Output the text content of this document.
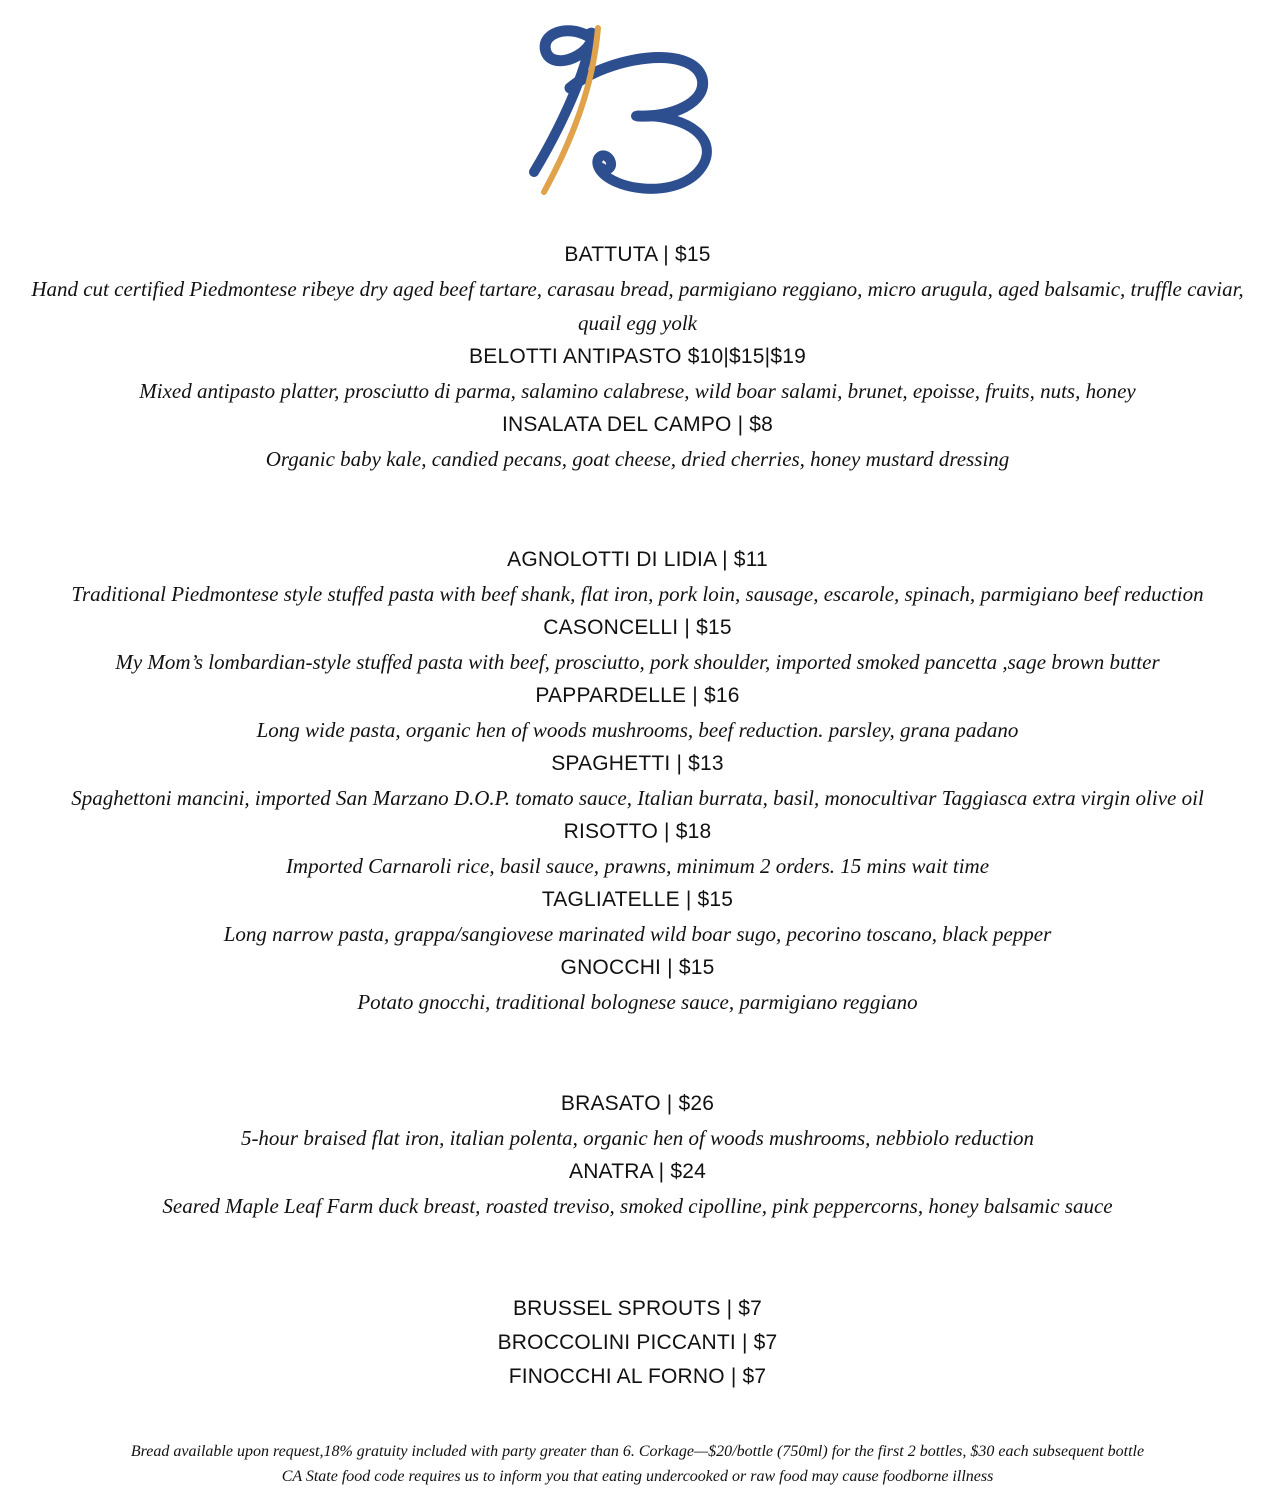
BATTUTA | $15
Hand cut certified Piedmontese ribeye dry aged beef tartare, carasau bread, parmigiano reggiano, micro arugula, aged balsamic, truffle caviar, quail egg yolk
BELOTTI ANTIPASTO $10|$15|$19
Mixed antipasto platter, prosciutto di parma, salamino calabrese, wild boar salami, brunet, epoisse, fruits, nuts, honey
INSALATA DEL CAMPO | $8
Organic baby kale, candied pecans, goat cheese, dried cherries, honey mustard dressing
AGNOLOTTI DI LIDIA | $11
Traditional Piedmontese style stuffed pasta with beef shank, flat iron, pork loin, sausage, escarole, spinach, parmigiano beef reduction
CASONCELLI | $15
My Mom’s lombardian-style stuffed pasta with beef, prosciutto, pork shoulder, imported smoked pancetta ,sage brown butter
PAPPARDELLE | $16
Long wide pasta, organic hen of woods mushrooms, beef reduction. parsley, grana padano
SPAGHETTI | $13
Spaghettoni mancini, imported San Marzano D.O.P. tomato sauce, Italian burrata, basil, monocultivar Taggiasca extra virgin olive oil
RISOTTO | $18
Imported Carnaroli rice, basil sauce, prawns, minimum 2 orders. 15 mins wait time
TAGLIATELLE | $15
Long narrow pasta, grappa/sangiovese marinated wild boar sugo, pecorino toscano, black pepper
GNOCCHI | $15
Potato gnocchi, traditional bolognese sauce, parmigiano reggiano
BRASATO | $26
5-hour braised flat iron, italian polenta, organic hen of woods mushrooms, nebbiolo reduction
ANATRA | $24
Seared Maple Leaf Farm duck breast, roasted treviso, smoked cipolline, pink peppercorns, honey balsamic sauce
BRUSSEL SPROUTS | $7
BROCCOLINI PICCANTI | $7
FINOCCHI AL FORNO | $7
Bread available upon request,18% gratuity included with party greater than 6. Corkage—$20/bottle (750ml) for the first 2 bottles, $30 each subsequent bottle
CA State food code requires us to inform you that eating undercooked or raw food may cause foodborne illness
